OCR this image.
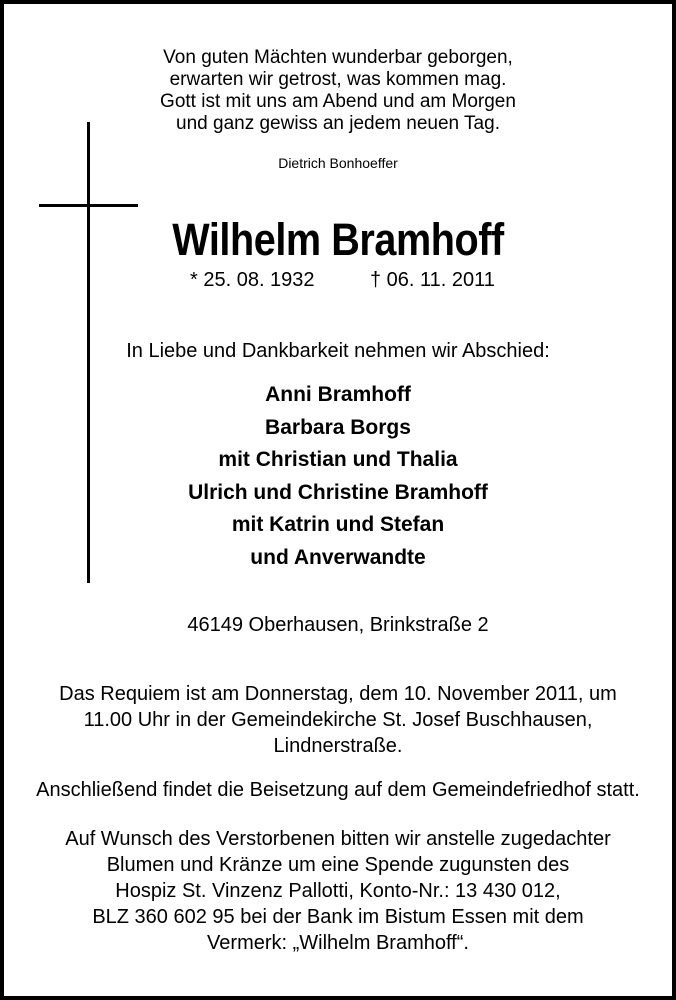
Von guten Mächten wunderbar geborgen,
erwarten wir getrost, was kommen mag.
Gott ist mit uns am Abend und am Morgen
und ganz gewiss an jedem neuen Tag.
Dietrich Bonhoeffer
Wilhelm Bramhoff
* 25. 08. 1932	† 06. 11. 2011
In Liebe und Dankbarkeit nehmen wir Abschied:
Anni Bramhoff
Barbara Borgs
mit Christian und Thalia
Ulrich und Christine Bramhoff
mit Katrin und Stefan
und Anverwandte
46149 Oberhausen, Brinkstraße 2
Das Requiem ist am Donnerstag, dem 10. November 2011, um
11.00 Uhr in der Gemeindekirche St. Josef Buschhausen,
Lindnerstraße.
Anschließend findet die Beisetzung auf dem Gemeindefriedhof statt.
Auf Wunsch des Verstorbenen bitten wir anstelle zugedachter
Blumen und Kränze um eine Spende zugunsten des
Hospiz St. Vinzenz Pallotti, Konto-Nr.: 13 430 012,
BLZ 360 602 95 bei der Bank im Bistum Essen mit dem
Vermerk: „Wilhelm Bramhoff“.
